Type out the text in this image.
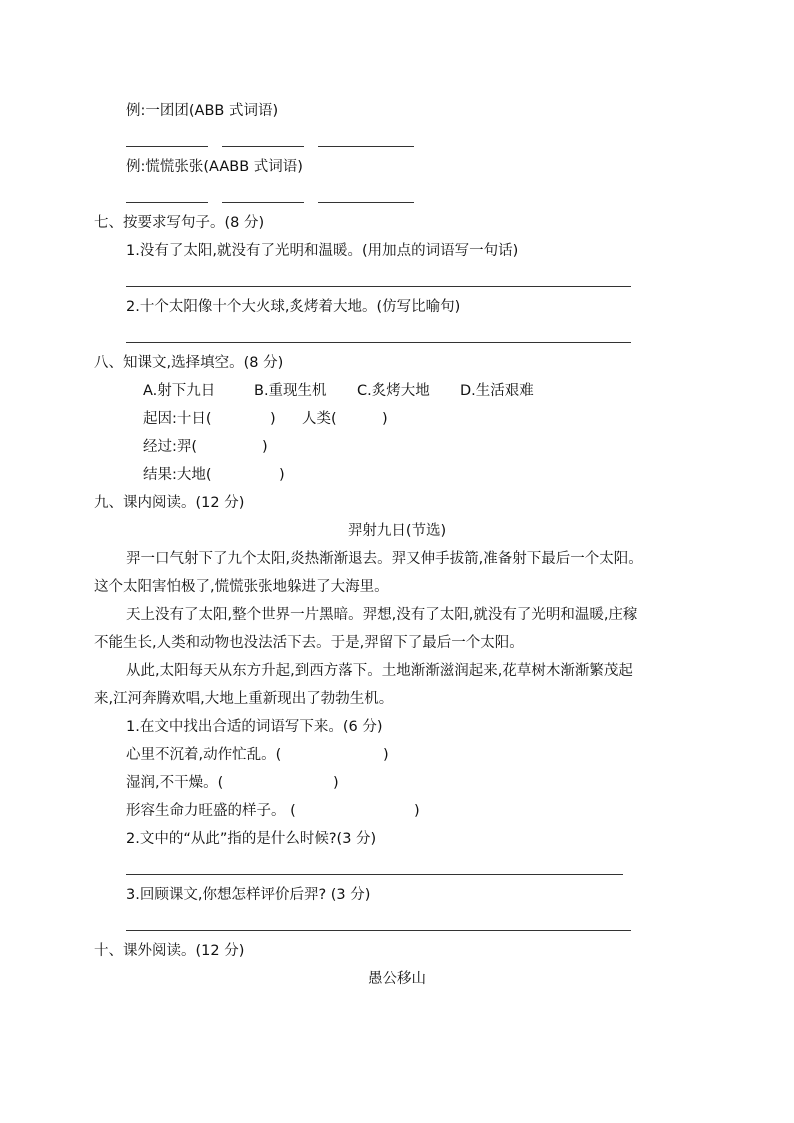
例:一团团(ABB 式词语)
例:慌慌张张(AABB 式词语)
七、按要求写句子。(8 分)
1.没有了太阳,就没有了光明和温暖。(用加点的词语写一句话)
2.十个太阳像十个大火球,炙烤着大地。(仿写比喻句)
八、知课文,选择填空。(8 分)
A.射下九日	B.重现生机 C.炙烤大地 D.生活艰难
起因:十日(	) 人类(	)
经过:羿(	)
结果:大地(	)
九、课内阅读。(12 分)
羿射九日(节选)
羿一口气射下了九个太阳,炎热渐渐退去。羿又伸手拔箭,准备射下最后一个太阳。
这个太阳害怕极了,慌慌张张地躲进了大海里。
天上没有了太阳,整个世界一片黑暗。羿想,没有了太阳,就没有了光明和温暖,庄稼
不能生长,人类和动物也没法活下去。于是,羿留下了最后一个太阳。
从此,太阳每天从东方升起,到西方落下。土地渐渐滋润起来,花草树木渐渐繁茂起
来,江河奔腾欢唱,大地上重新现出了勃勃生机。
1.在文中找出合适的词语写下来。(6 分)
心里不沉着,动作忙乱。(	)
湿润,不干燥。(	)
形容生命力旺盛的样子。 (	)
2.文中的“从此”指的是什么时候?(3 分)
3.回顾课文,你想怎样评价后羿? (3 分)
十、课外阅读。(12 分)
愚公移山
